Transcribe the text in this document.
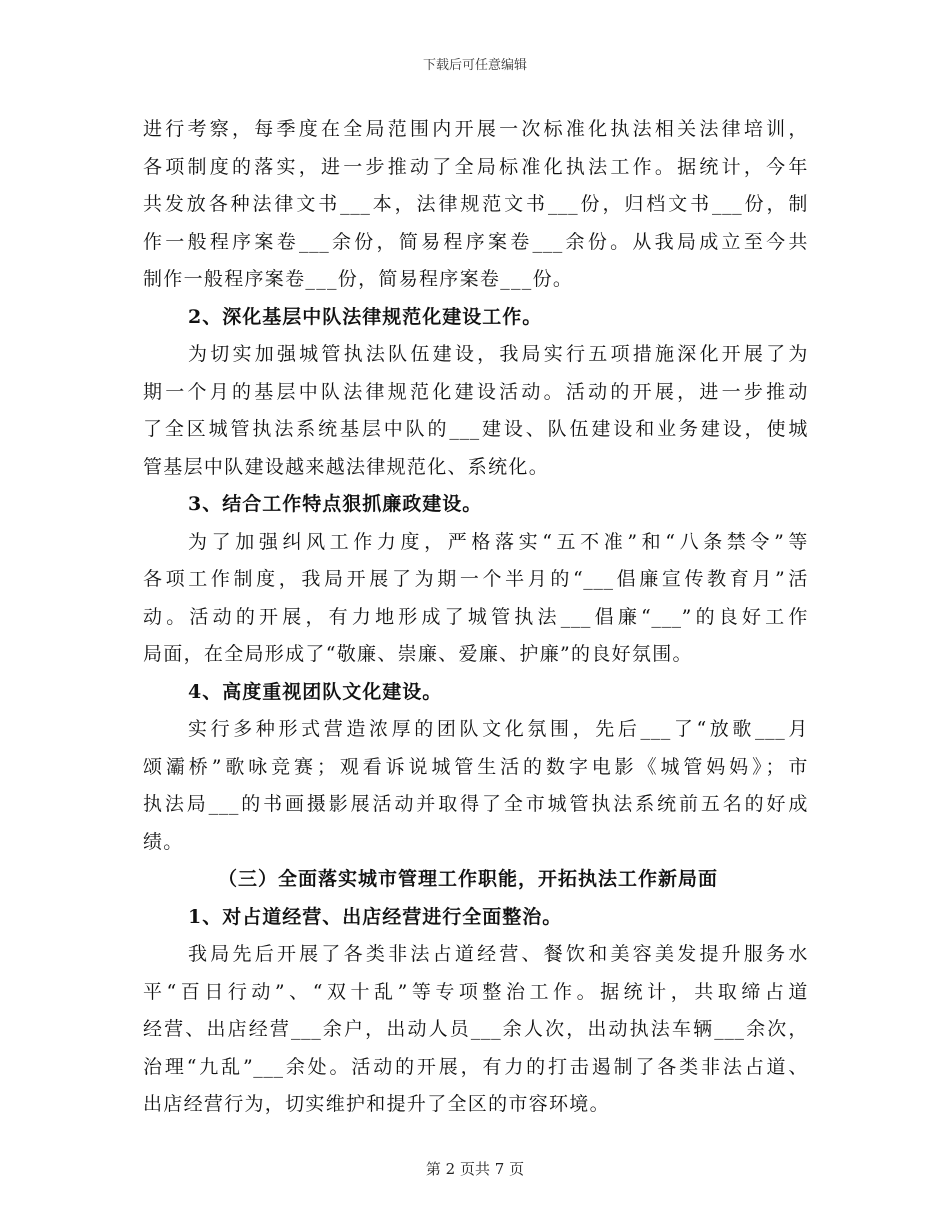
下载后可任意编辑
进行考察，每季度在全局范围内开展一次标准化执法相关法律培训，
各项制度的落实，进一步推动了全局标准化执法工作。据统计，今年
共发放各种法律文书___本，法律规范文书___份，归档文书___份，制
作一般程序案卷___余份，简易程序案卷___余份。从我局成立至今共
制作一般程序案卷___份，简易程序案卷___份。
2、深化基层中队法律规范化建设工作。
为切实加强城管执法队伍建设，我局实行五项措施深化开展了为
期一个月的基层中队法律规范化建设活动。活动的开展，进一步推动
了全区城管执法系统基层中队的___建设、队伍建设和业务建设，使城
管基层中队建设越来越法律规范化、系统化。
3、结合工作特点狠抓廉政建设。
为了加强纠风工作力度，严格落实“五不准”和“八条禁令”等
各项工作制度，我局开展了为期一个半月的“___倡廉宣传教育月”活
动。活动的开展，有力地形成了城管执法___倡廉“___”的良好工作
局面，在全局形成了“敬廉、崇廉、爱廉、护廉”的良好氛围。
4、高度重视团队文化建设。
实行多种形式营造浓厚的团队文化氛围，先后___了“放歌___月
颂灞桥”歌咏竞赛；观看诉说城管生活的数字电影《城管妈妈》；市
执法局___的书画摄影展活动并取得了全市城管执法系统前五名的好成
绩。
（三）全面落实城市管理工作职能，开拓执法工作新局面
1、对占道经营、出店经营进行全面整治。
我局先后开展了各类非法占道经营、餐饮和美容美发提升服务水
平“百日行动”、“双十乱”等专项整治工作。据统计，共取缔占道
经营、出店经营___余户，出动人员___余人次，出动执法车辆___余次，
治理“九乱”___余处。活动的开展，有力的打击遏制了各类非法占道、
出店经营行为，切实维护和提升了全区的市容环境。
第 2 页共 7 页
